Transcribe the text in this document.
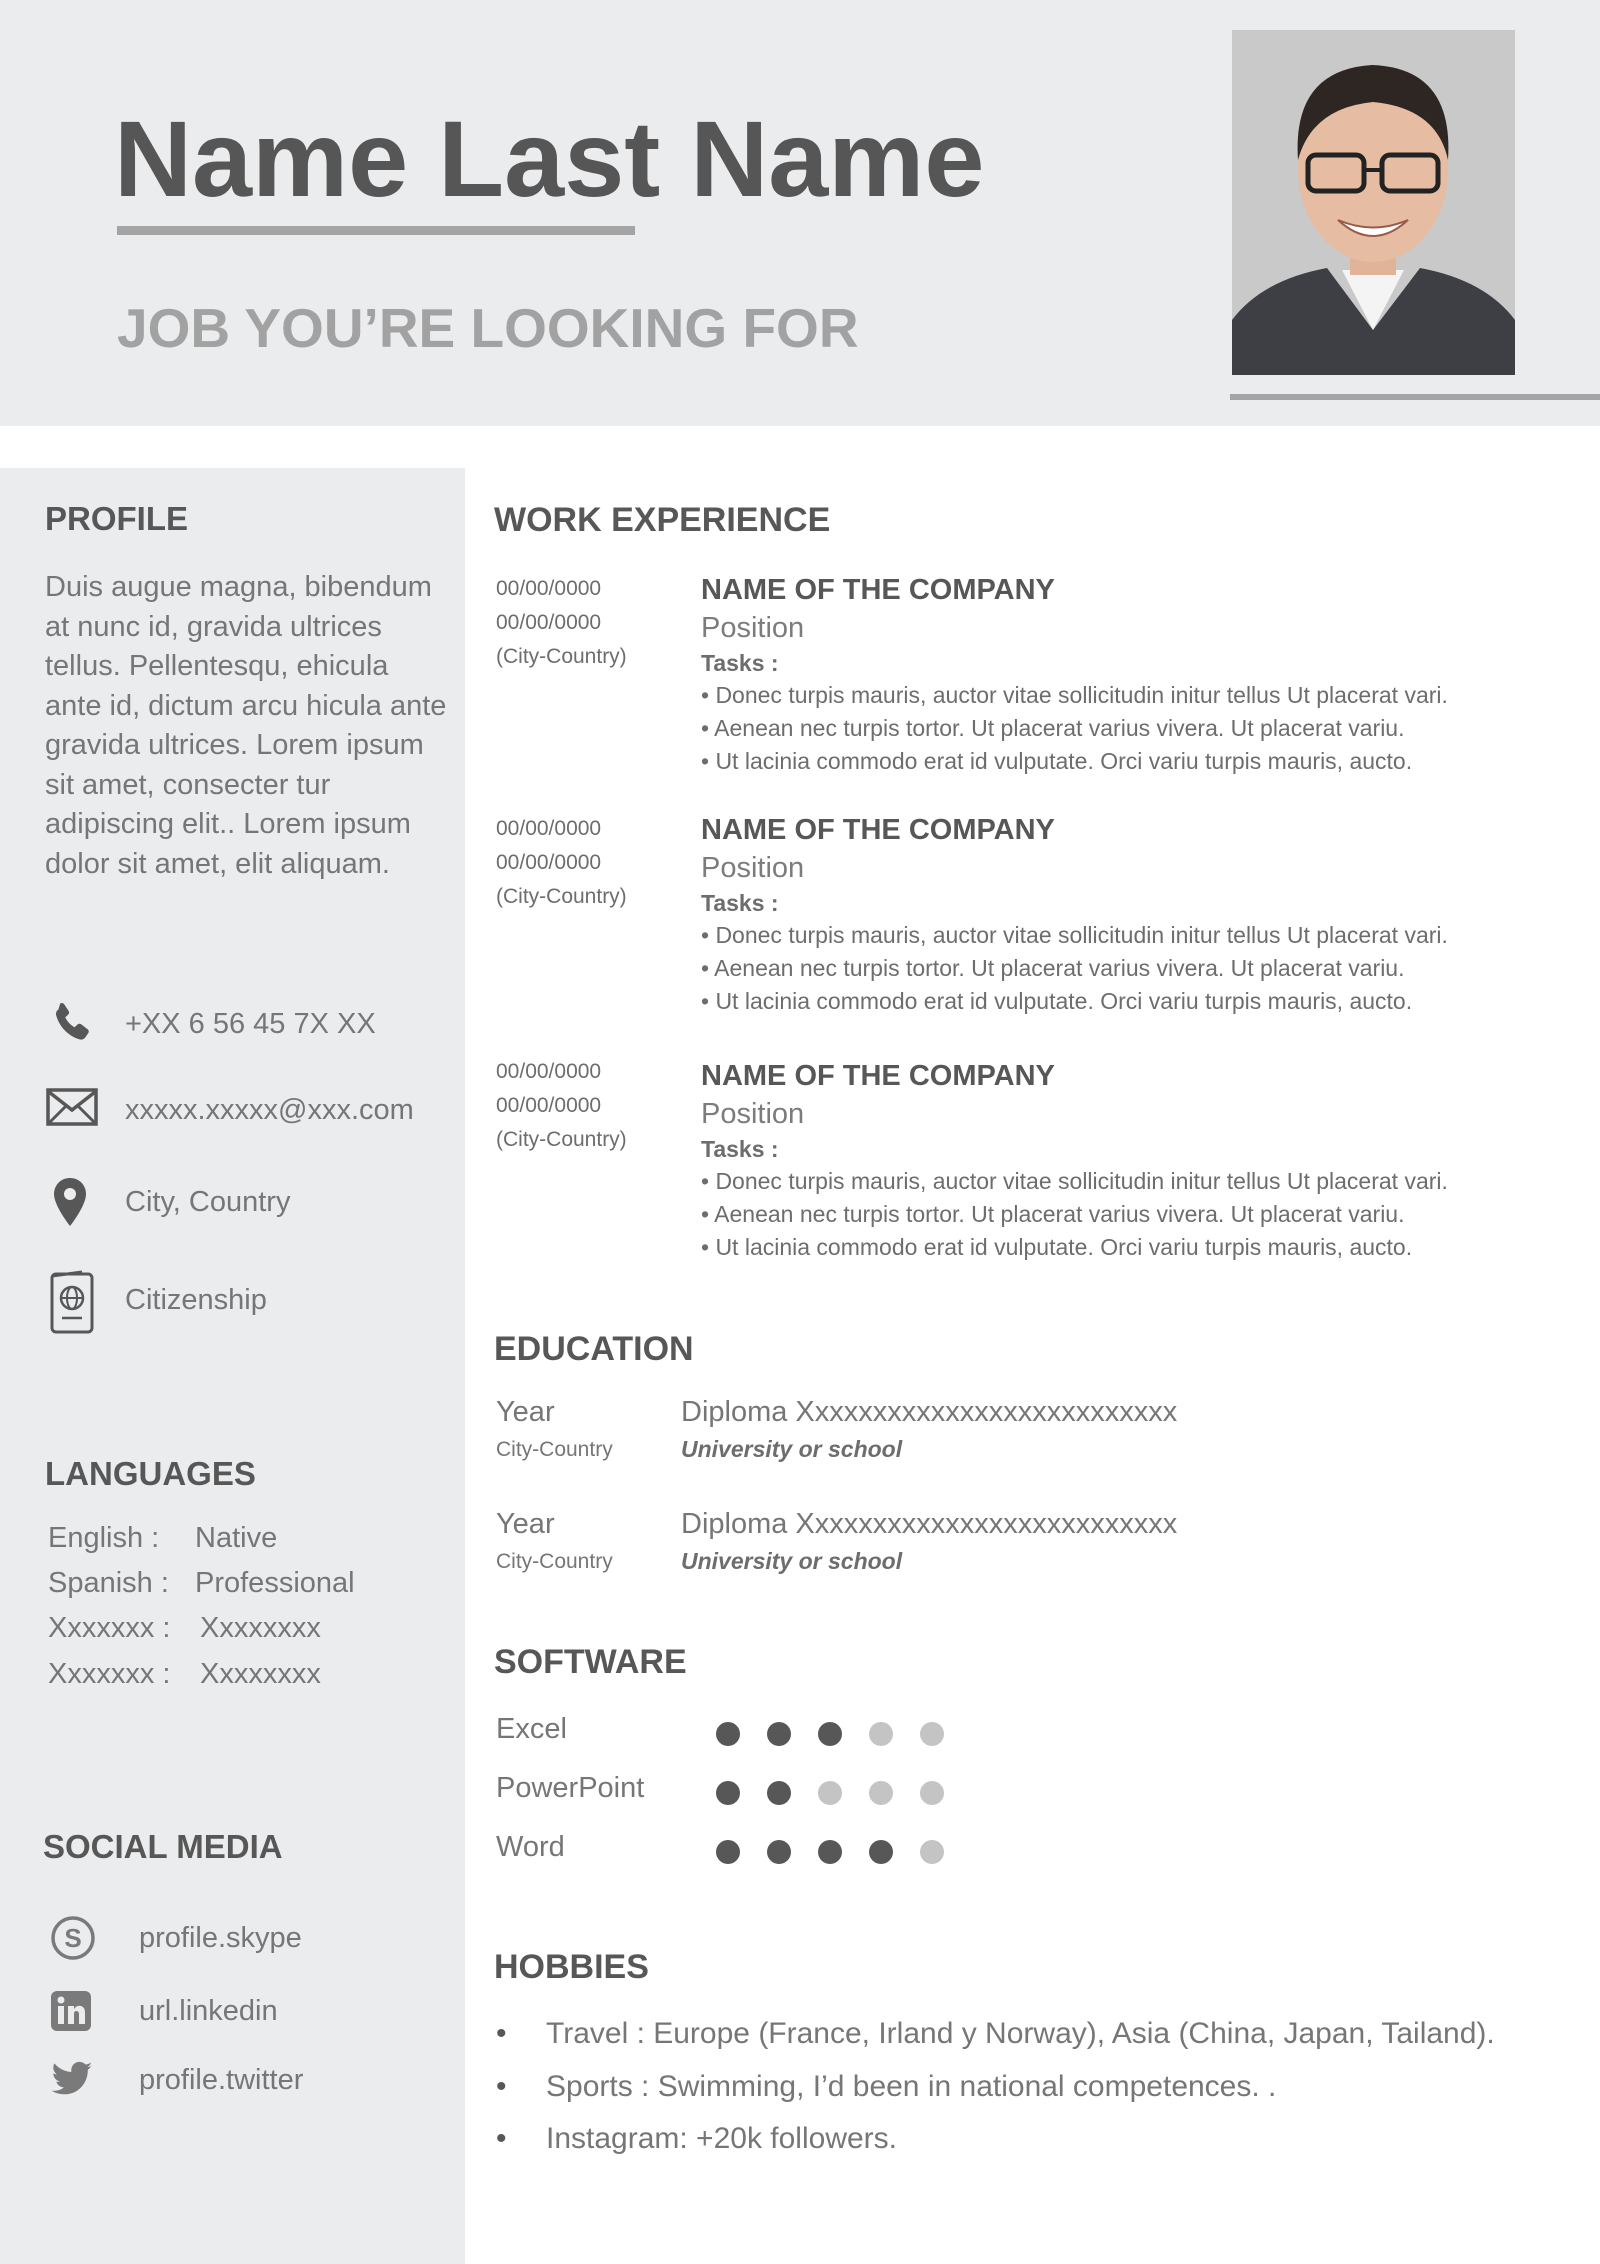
Name Last Name
JOB YOU’RE LOOKING FOR
PROFILE
Duis augue magna, bibendum at nunc id, gravida ultrices tellus. Pellentesqu, ehicula ante id, dictum arcu hicula ante gravida ultrices. Lorem ipsum sit amet, consecter tur adipiscing elit.. Lorem ipsum dolor sit amet, elit aliquam.
+XX 6 56 45 7X XX
xxxxx.xxxxx@xxx.com
City, Country
Citizenship
LANGUAGES
English : Native
Spanish : Professional
Xxxxxxx : Xxxxxxxx
Xxxxxxx : Xxxxxxxx
SOCIAL MEDIA
S profile.skype
url.linkedin
profile.twitter
WORK EXPERIENCE
00/00/0000
00/00/0000
(City-Country)
NAME OF THE COMPANY
Position
Tasks :
• Donec turpis mauris, auctor vitae sollicitudin initur tellus Ut placerat vari.
• Aenean nec turpis tortor. Ut placerat varius vivera. Ut placerat variu.
• Ut lacinia commodo erat id vulputate. Orci variu turpis mauris, aucto.
00/00/0000
00/00/0000
(City-Country)
NAME OF THE COMPANY
Position
Tasks :
• Donec turpis mauris, auctor vitae sollicitudin initur tellus Ut placerat vari.
• Aenean nec turpis tortor. Ut placerat varius vivera. Ut placerat variu.
• Ut lacinia commodo erat id vulputate. Orci variu turpis mauris, aucto.
00/00/0000
00/00/0000
(City-Country)
NAME OF THE COMPANY
Position
Tasks :
• Donec turpis mauris, auctor vitae sollicitudin initur tellus Ut placerat vari.
• Aenean nec turpis tortor. Ut placerat varius vivera. Ut placerat variu.
• Ut lacinia commodo erat id vulputate. Orci variu turpis mauris, aucto.
EDUCATION
Year
City-Country
Diploma Xxxxxxxxxxxxxxxxxxxxxxxxxx
University or school
Year
City-Country
Diploma Xxxxxxxxxxxxxxxxxxxxxxxxxx
University or school
SOFTWARE
Excel
PowerPoint
Word
HOBBIES
•Travel : Europe (France, Irland y Norway), Asia (China, Japan, Tailand).
•Sports : Swimming, I’d been in national competences. .
•Instagram: +20k followers.
